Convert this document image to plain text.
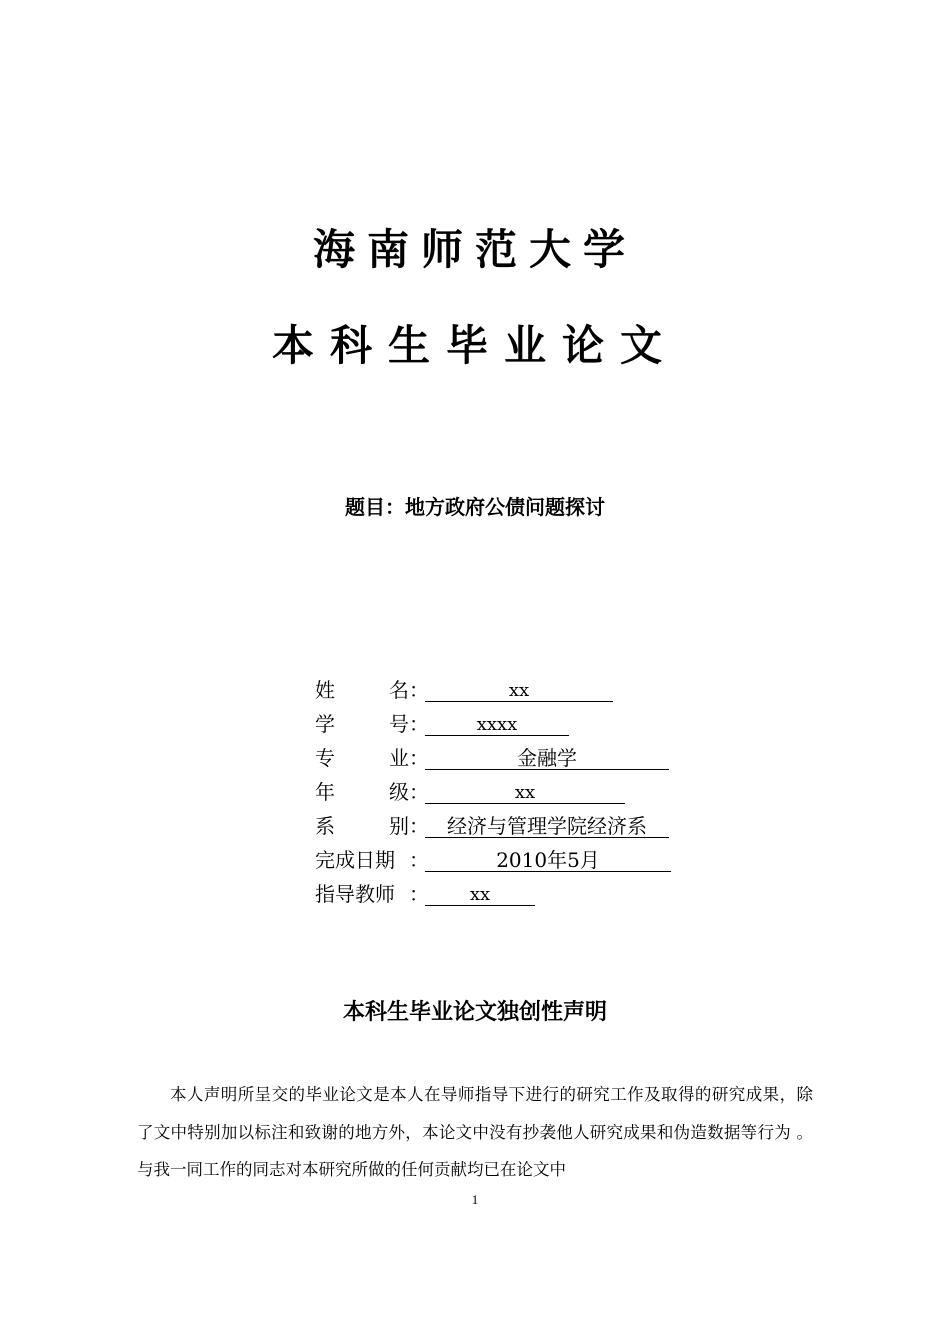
海南师范大学
本科生毕业论文
题目：地方政府公债问题探讨
姓	名 ：	xx
学	号 ：	xxxx
专	业 ：	金融学
年	级 ：	xx
系	别 ： 经济与管理学院经济系
完成日期 ：	2010年5月
指导教师 ：	xx
本科生毕业论文独创性声明
本人声明所呈交的毕业论文是本人在导师指导下进行的研究工作及取得的研究成果，除了文中特别加以标注和致谢的地方外，本论文中没有抄袭他人研究成果和伪造数据等行为 。与我一同工作的同志对本研究所做的任何贡献均已在论文中
1
